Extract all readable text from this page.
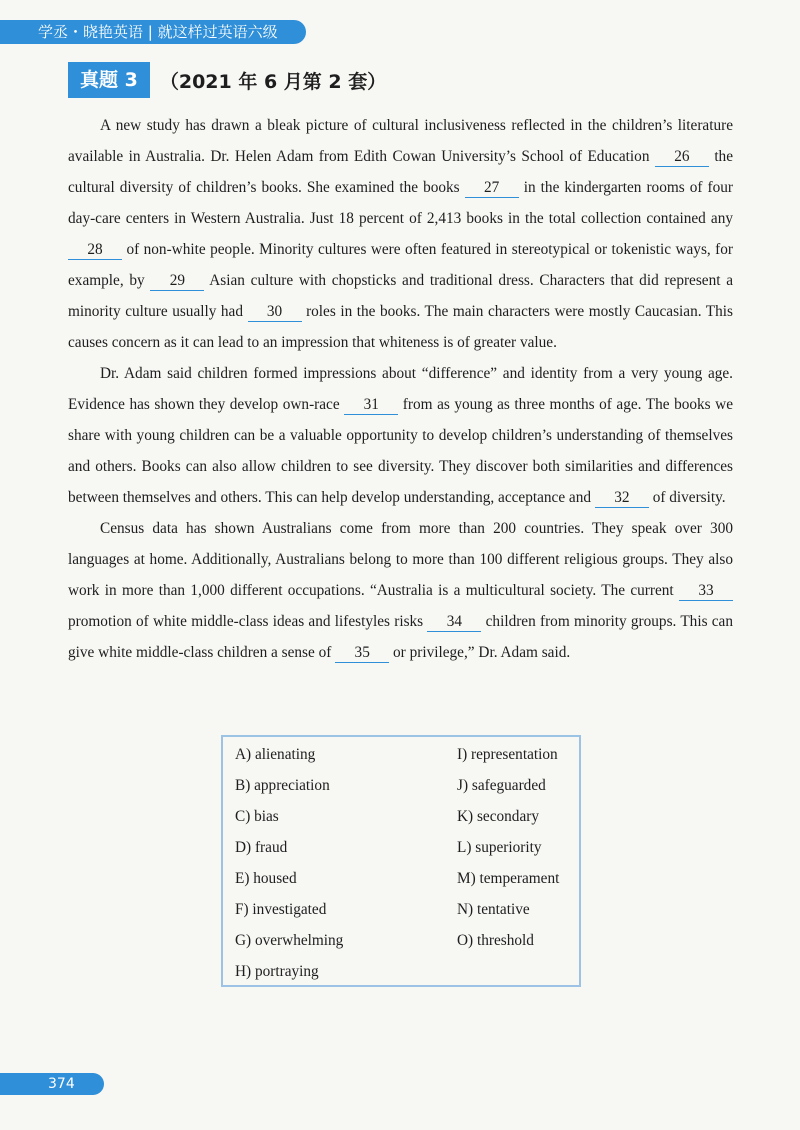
学丞・晓艳英语 | 就这样过英语六级
真题 3	（2021 年 6 月第 2 套）

A new study has drawn a bleak picture of cultural inclusiveness reflected in the children’s literature available in Australia. Dr. Helen Adam from Edith Cowan University’s School of Education 26 the cultural diversity of children’s books. She examined the books 27 in the kindergarten rooms of four day-care centers in Western Australia. Just 18 percent of 2,413 books in the total collection contained any 28 of non-white people. Minority cultures were often featured in stereotypical or tokenistic ways, for example, by 29 Asian culture with chopsticks and traditional dress. Characters that did represent a minority culture usually had 30 roles in the books. The main characters were mostly Caucasian. This causes concern as it can lead to an impression that whiteness is of greater value.

Dr. Adam said children formed impressions about “difference” and identity from a very young age. Evidence has shown they develop own-race 31 from as young as three months of age. The books we share with young children can be a valuable opportunity to develop children’s understanding of themselves and others. Books can also allow children to see diversity. They discover both similarities and differences between themselves and others. This can help develop understanding, acceptance and 32 of diversity.

Census data has shown Australians come from more than 200 countries. They speak over 300 languages at home. Additionally, Australians belong to more than 100 different religious groups. They also work in more than 1,000 different occupations. “Australia is a multicultural society. The current 33 promotion of white middle-class ideas and lifestyles risks 34 children from minority groups. This can give white middle-class children a sense of 35 or privilege,” Dr. Adam said.

A) alienating	I) representation
B) appreciation	J) safeguarded
C) bias	K) secondary
D) fraud	L) superiority
E) housed	M) temperament
F) investigated	N) tentative
G) overwhelming	O) threshold
H) portraying
374
